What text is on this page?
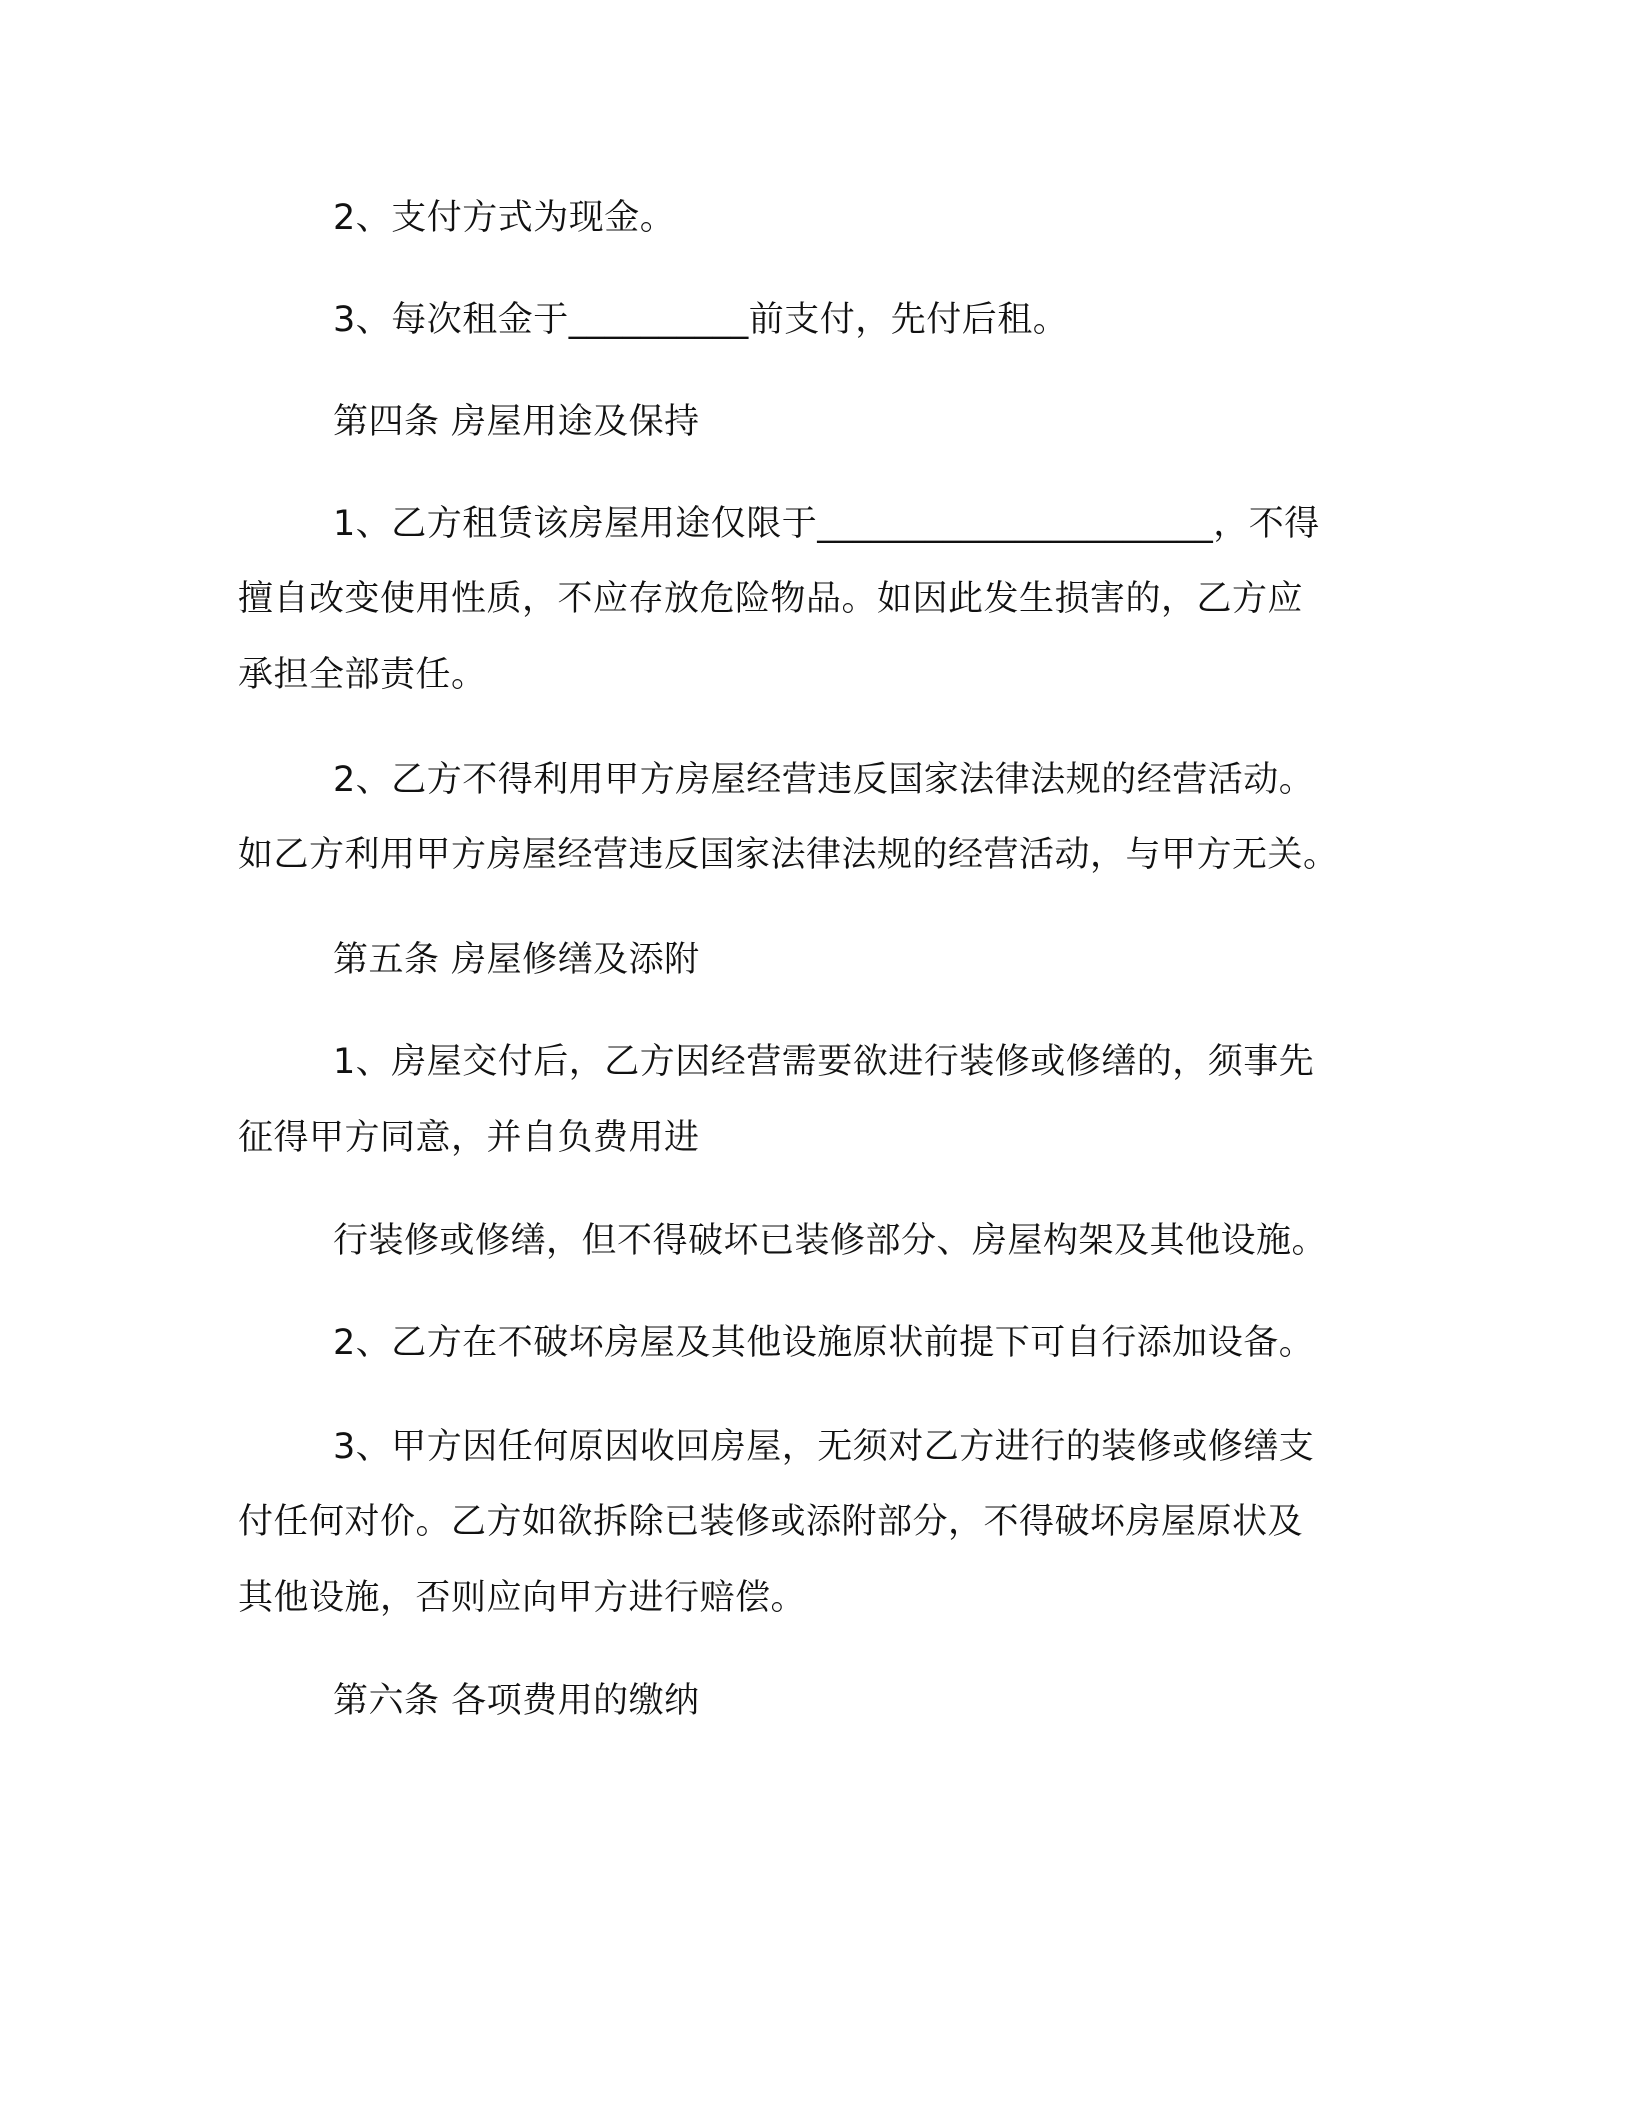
2、支付方式为现金。
3、每次租金于__________前支付，先付后租。
第四条 房屋用途及保持
1、乙方租赁该房屋用途仅限于______________________，不得
擅自改变使用性质，不应存放危险物品。如因此发生损害的，乙方应
承担全部责任。
2、乙方不得利用甲方房屋经营违反国家法律法规的经营活动。
如乙方利用甲方房屋经营违反国家法律法规的经营活动，与甲方无关。
第五条 房屋修缮及添附
1、房屋交付后，乙方因经营需要欲进行装修或修缮的，须事先
征得甲方同意，并自负费用进
行装修或修缮，但不得破坏已装修部分、房屋构架及其他设施。
2、乙方在不破坏房屋及其他设施原状前提下可自行添加设备。
3、甲方因任何原因收回房屋，无须对乙方进行的装修或修缮支
付任何对价。乙方如欲拆除已装修或添附部分，不得破坏房屋原状及
其他设施，否则应向甲方进行赔偿。
第六条 各项费用的缴纳
